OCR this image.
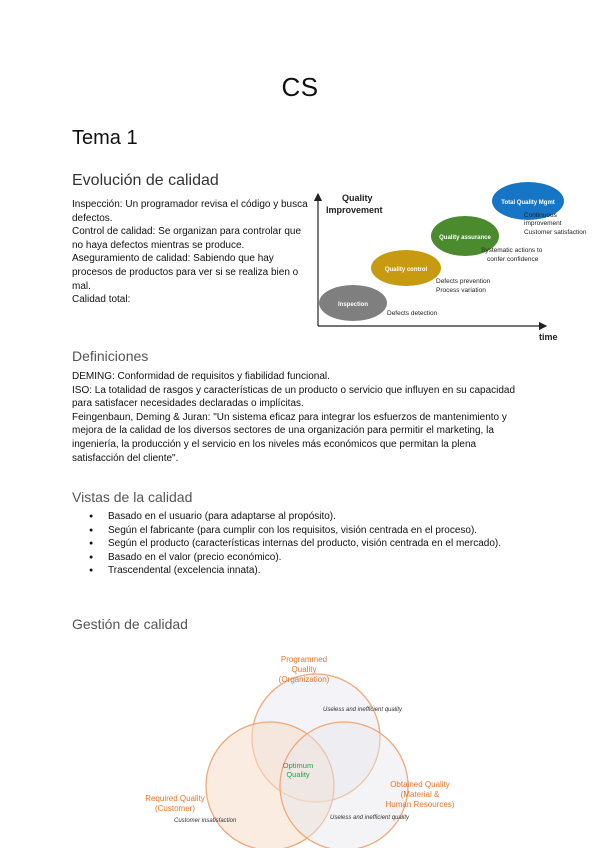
CS
Tema 1
Evolución de calidad

Inspección: Un programador revisa el código y busca defectos.

Control de calidad: Se organizan para controlar que no haya defectos mientras se produce.

Aseguramiento de calidad: Sabiendo que hay procesos de productos para ver si se realiza bien o mal.

Calidad total:

Quality
Improvement
time
Inspection
Defects detection
Quality control
Defects prevention
Process variation
Quality assurance
Systematic actions to
confer confidence
Total Quality Mgmt
Continuous
improvement
Customer satisfaction
Definiciones

DEMING: Conformidad de requisitos y fiabilidad funcional.

ISO: La totalidad de rasgos y características de un producto o servicio que influyen en su capacidad para satisfacer necesidades declaradas o implícitas.

Feingenbaun, Deming & Juran: "Un sistema eficaz para integrar los esfuerzos de mantenimiento y mejora de la calidad de los diversos sectores de una organización para permitir el marketing, la ingeniería, la producción y el servicio en los niveles más económicos que permitan la plena satisfacción del cliente".

Vistas de la calidad
● Basado en el usuario (para adaptarse al propósito).
● Según el fabricante (para cumplir con los requisitos, visión centrada en el proceso).
● Según el producto (características internas del producto, visión centrada en el mercado).
● Basado en el valor (precio económico).
● Trascendental (excelencia innata).
Gestión de calidad
Programmed
Quality
(Organization)
Required Quality
(Customer)
Obtained Quality
(Material &
Human Resources)
Optimum
Quality
Useless and inefficient quality
Customer insatisfaction	Useless and inefficient quality
